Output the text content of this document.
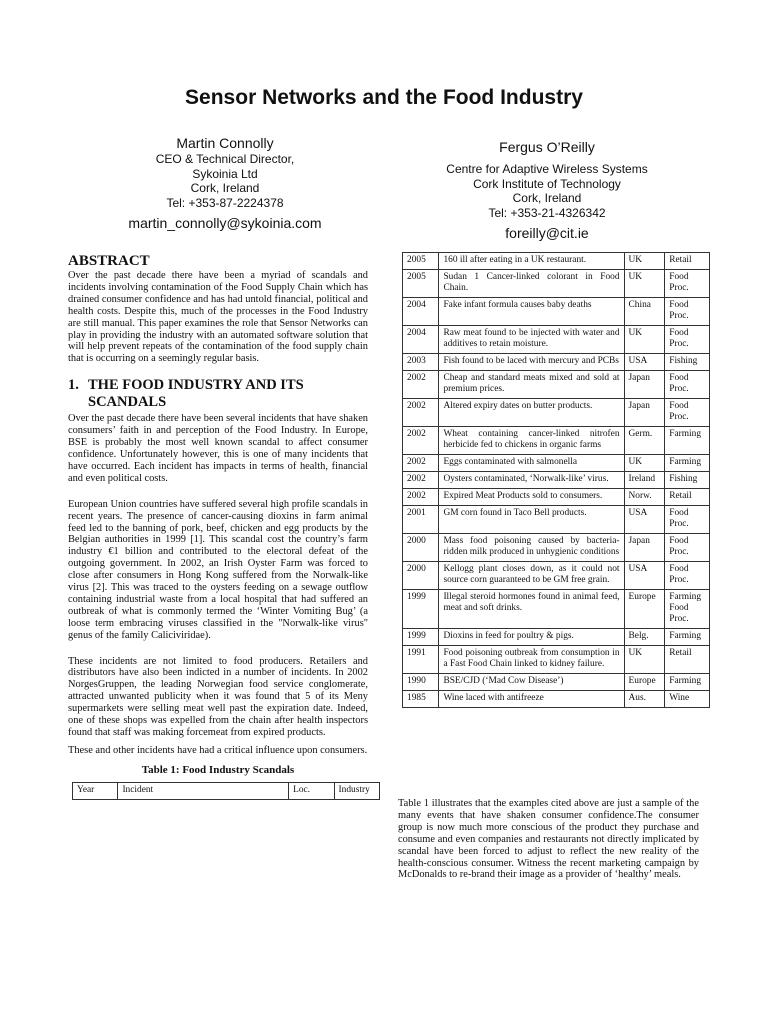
Sensor Networks and the Food Industry
Martin Connolly
CEO & Technical Director,
Sykoinia Ltd
Cork, Ireland
Tel: +353-87-2224378
martin_connolly@sykoinia.com
Fergus O’Reilly
Centre for Adaptive Wireless Systems
Cork Institute of Technology
Cork, Ireland
Tel: +353-21-4326342
foreilly@cit.ie
ABSTRACT

Over the past decade there have been a myriad of scandals and incidents involving contamination of the Food Supply Chain which has drained consumer confidence and has had untold financial, political and health costs. Despite this, much of the processes in the Food Industry are still manual. This paper examines the role that Sensor Networks can play in providing the industry with an automated software solution that will help prevent repeats of the contamination of the food supply chain that is occurring on a seemingly regular basis.

1. THE FOOD INDUSTRY AND ITS
SCANDALS

Over the past decade there have been several incidents that have shaken consumers’ faith in and perception of the Food Industry. In Europe, BSE is probably the most well known scandal to affect consumer confidence. Unfortunately however, this is one of many incidents that have occurred. Each incident has impacts in terms of health, financial and even political costs.

European Union countries have suffered several high profile scandals in recent years. The presence of cancer-causing dioxins in farm animal feed led to the banning of pork, beef, chicken and egg products by the Belgian authorities in 1999 [1]. This scandal cost the country’s farm industry €1 billion and contributed to the electoral defeat of the outgoing government. In 2002, an Irish Oyster Farm was forced to close after consumers in Hong Kong suffered from the Norwalk-like virus [2]. This was traced to the oysters feeding on a sewage outflow containing industrial waste from a local hospital that had suffered an outbreak of what is commonly termed the ‘Winter Vomiting Bug’ (a loose term embracing viruses classified in the "Norwalk-like virus" genus of the family Caliciviridae).

These incidents are not limited to food producers. Retailers and distributors have also been indicted in a number of incidents. In 2002 NorgesGruppen, the leading Norwegian food service conglomerate, attracted unwanted publicity when it was found that 5 of its Meny supermarkets were selling meat well past the expiration date. Indeed, one of these shops was expelled from the chain after health inspectors found that staff was making forcemeat from expired products.

These and other incidents have had a critical influence upon consumers.

Table 1: Food Industry Scandals
Year	Incident	Loc.	Industry
2005	160 ill after eating in a UK restaurant.	UK	Retail
2005	Sudan 1 Cancer-linked colorant in Food Chain.	UK	Food Proc.
2004	Fake infant formula causes baby deaths	China	Food Proc.
2004	Raw meat found to be injected with water and additives to retain moisture.	UK	Food Proc.
2003	Fish found to be laced with mercury and PCBs	USA	Fishing
2002	Cheap and standard meats mixed and sold at premium prices.	Japan	Food Proc.
2002	Altered expiry dates on butter products.	Japan	Food Proc.
2002	Wheat containing cancer-linked nitrofen herbicide fed to chickens in organic farms	Germ.	Farming
2002	Eggs contaminated with salmonella	UK	Farming
2002	Oysters contaminated, ‘Norwalk-like’ virus.	Ireland	Fishing
2002	Expired Meat Products sold to consumers.	Norw.	Retail
2001	GM corn found in Taco Bell products.	USA	Food Proc.
2000	Mass food poisoning caused by bacteria-ridden milk produced in unhygienic conditions	Japan	Food Proc.
2000	Kellogg plant closes down, as it could not source corn guaranteed to be GM free grain.	USA	Food Proc.
1999	Illegal steroid hormones found in animal feed, meat and soft drinks.	Europe	Farming Food Proc.
1999	Dioxins in feed for poultry & pigs.	Belg.	Farming
1991	Food poisoning outbreak from consumption in a Fast Food Chain linked to kidney failure.	UK	Retail
1990	BSE/CJD (‘Mad Cow Disease’)	Europe	Farming
1985	Wine laced with antifreeze	Aus.	Wine

Table 1 illustrates that the examples cited above are just a sample of the many events that have shaken consumer confidence.The consumer group is now much more conscious of the product they purchase and consume and even companies and restaurants not directly implicated by scandal have been forced to adjust to reflect the new reality of the health-conscious consumer. Witness the recent marketing campaign by McDonalds to re-brand their image as a provider of ‘healthy’ meals.
